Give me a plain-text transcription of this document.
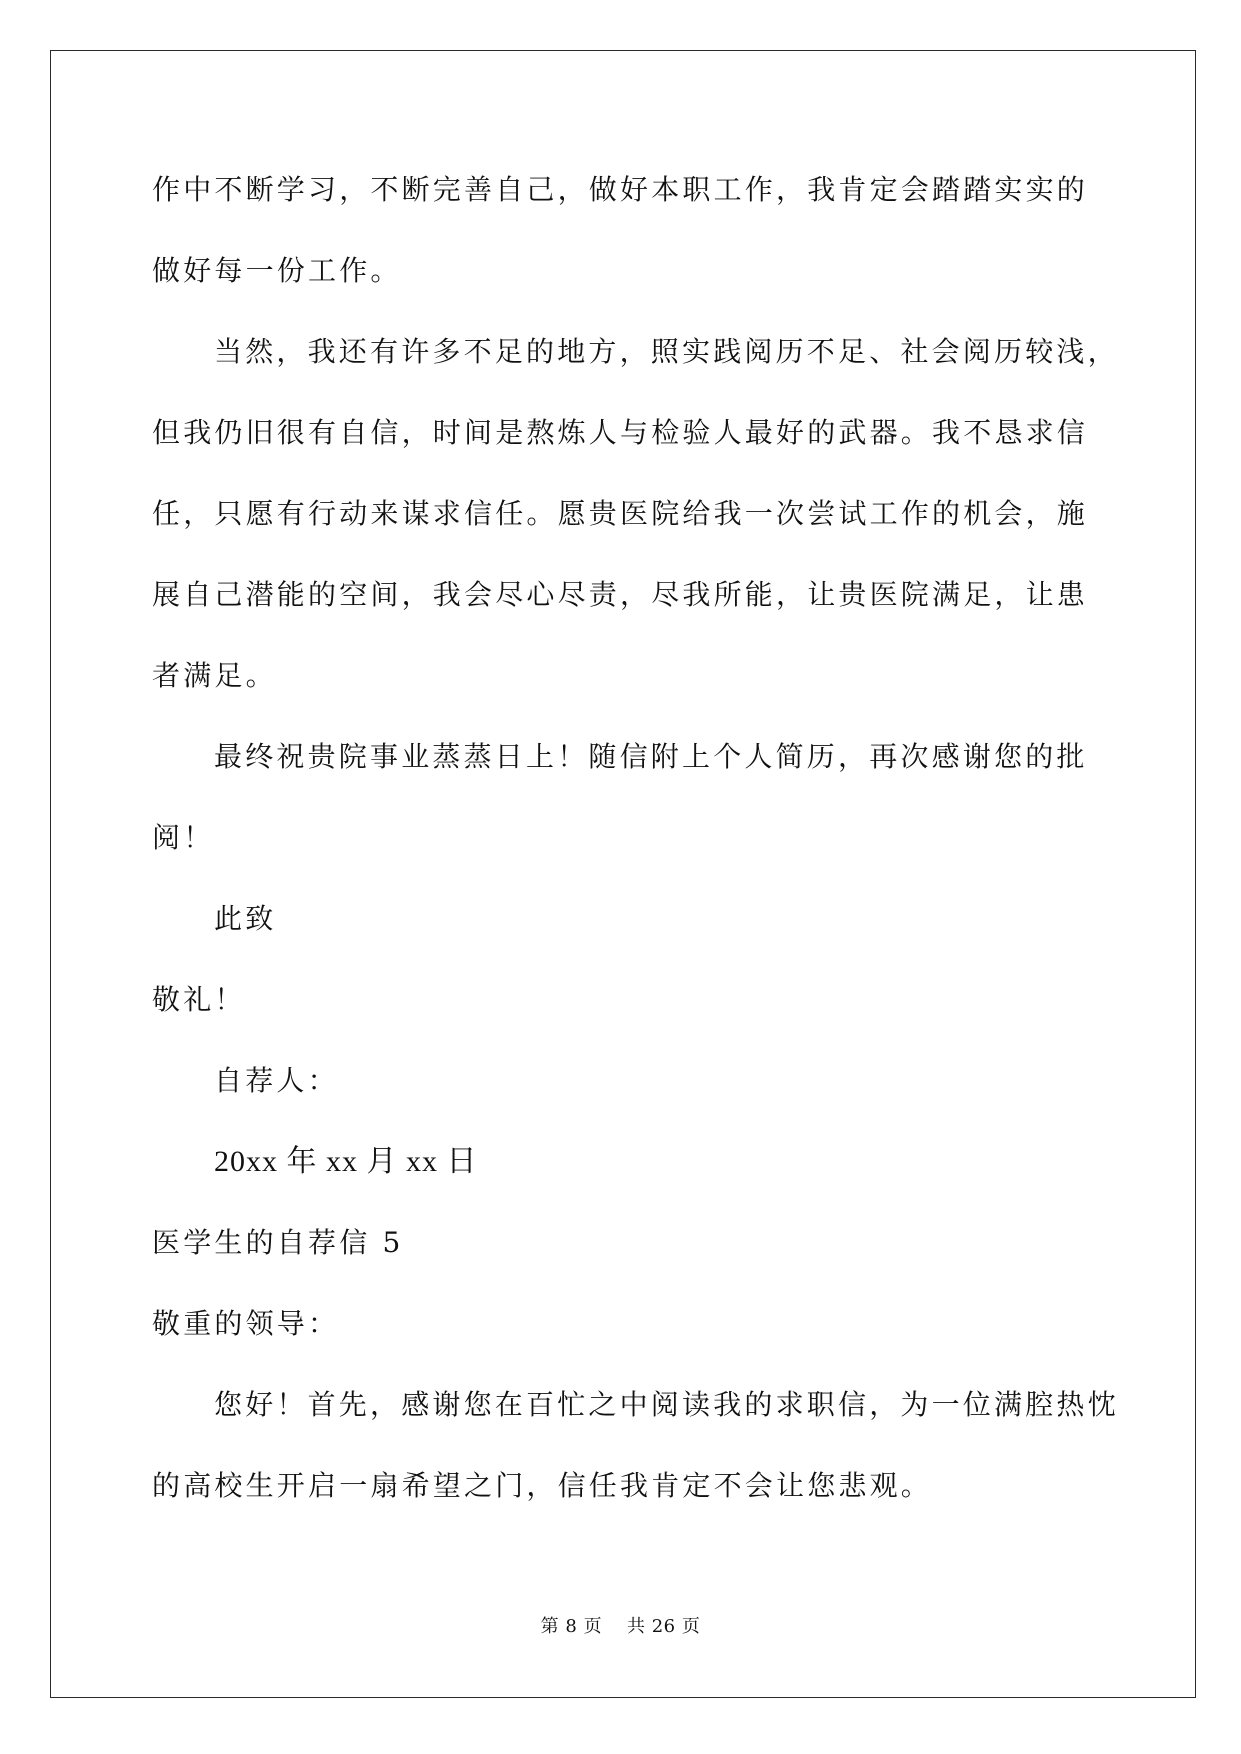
作中不断学习，不断完善自己，做好本职工作，我肯定会踏踏实实的
做好每一份工作。
当然，我还有许多不足的地方，照实践阅历不足、社会阅历较浅，
但我仍旧很有自信，时间是熬炼人与检验人最好的武器。我不恳求信
任，只愿有行动来谋求信任。愿贵医院给我一次尝试工作的机会，施
展自己潜能的空间，我会尽心尽责，尽我所能，让贵医院满足，让患
者满足。
最终祝贵院事业蒸蒸日上！随信附上个人简历，再次感谢您的批
阅！
此致
敬礼！
自荐人：
20xx 年 xx 月 xx 日
医学生的自荐信 5
敬重的领导：
您好！首先，感谢您在百忙之中阅读我的求职信，为一位满腔热忱
的高校生开启一扇希望之门，信任我肯定不会让您悲观。
第 8 页 共 26 页
